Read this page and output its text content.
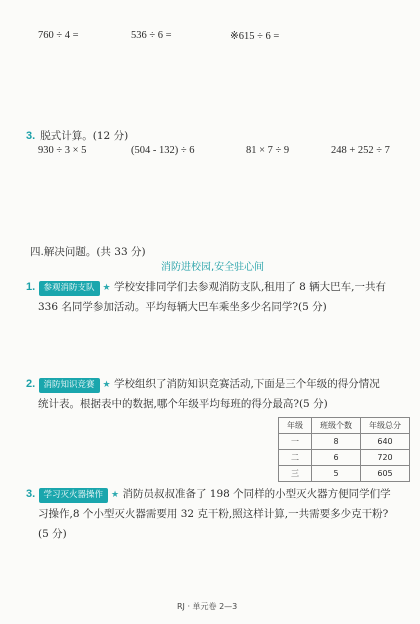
760 ÷ 4 =	536 ÷ 6 =	※615 ÷ 6 =
3. 脱式计算。(12 分)
930 ÷ 3 × 5	(504 - 132) ÷ 6	81 × 7 ÷ 9	248 + 252 ÷ 7
四.解决问题。(共 33 分)
消防进校园,安全驻心间
1. 参观消防支队 ★ 学校安排同学们去参观消防支队,租用了 8 辆大巴车,一共有
336 名同学参加活动。平均每辆大巴车乘坐多少名同学?(5 分)
2. 消防知识竞赛 ★ 学校组织了消防知识竞赛活动,下面是三个年级的得分情况
统计表。根据表中的数据,哪个年级平均每班的得分最高?(5 分)
年级	班级个数	年级总分
一	8	640
二	6	720
三	5	605
3. 学习灭火器操作 ★ 消防员叔叔准备了 198 个同样的小型灭火器方便同学们学
习操作,8 个小型灭火器需要用 32 克干粉,照这样计算,一共需要多少克干粉?
(5 分)
RJ · 单元卷 2—3
